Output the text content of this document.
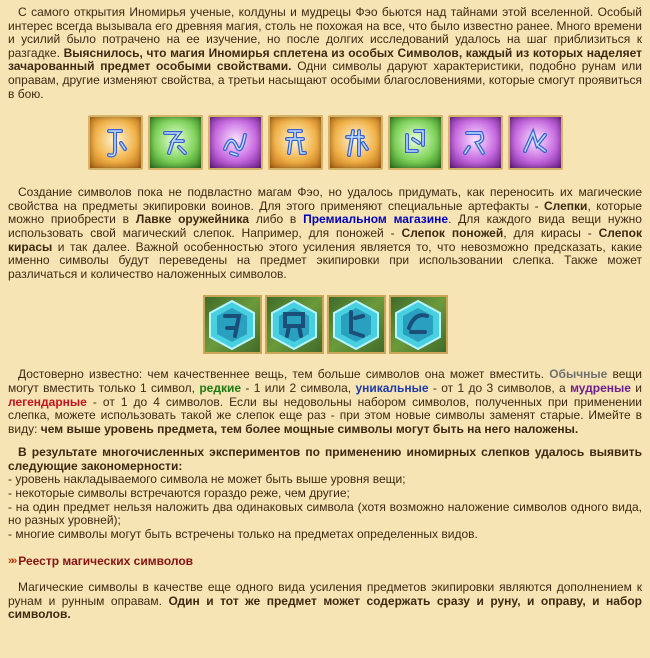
С самого открытия Иномирья ученые, колдуны и мудрецы Фэо бьются над тайнами этой вселенной. Особый интерес всегда вызывала его древняя магия, столь не похожая на все, что было известно ранее. Много времени и усилий было потрачено на ее изучение, но после долгих исследований удалось на шаг приблизиться к разгадке. Выяснилось, что магия Иномирья сплетена из особых Символов, каждый из которых наделяет зачарованный предмет особыми свойствами. Одни символы даруют характеристики, подобно рунам или оправам, другие изменяют свойства, а третьи насыщают особыми благословениями, которые смогут проявиться в бою.

Создание символов пока не подвластно магам Фэо, но удалось придумать, как переносить их магические свойства на предметы экипировки воинов. Для этого применяют специальные артефакты - Слепки, которые можно приобрести в Лавке оружейника либо в Премиальном магазине. Для каждого вида вещи нужно использовать свой магический слепок. Например, для поножей - Слепок поножей, для кирасы - Слепок кирасы и так далее. Важной особенностью этого усиления является то, что невозможно предсказать, какие именно символы будут переведены на предмет экипировки при использовании слепка. Также может различаться и количество наложенных символов.

Достоверно известно: чем качественнее вещь, тем больше символов она может вместить. Обычные вещи могут вместить только 1 символ, редкие - 1 или 2 символа, уникальные - от 1 до 3 символов, а мудреные и легендарные - от 1 до 4 символов. Если вы недовольны набором символов, полученных при применении слепка, можете использовать такой же слепок еще раз - при этом новые символы заменят старые. Имейте в виду: чем выше уровень предмета, тем более мощные символы могут быть на него наложены.

В результате многочисленных экспериментов по применению иномирных слепков удалось выявить следующие закономерности:

- уровень накладываемого символа не может быть выше уровня вещи;

- некоторые символы встречаются гораздо реже, чем другие;

- на один предмет нельзя наложить два одинаковых символа (хотя возможно наложение символов одного вида, но разных уровней);

- многие символы могут быть встречены только на предметах определенных видов.

»» Реестр магических символов

Магические символы в качестве еще одного вида усиления предметов экипировки являются дополнением к рунам и рунным оправам. Один и тот же предмет может содержать сразу и руну, и оправу, и набор символов.
